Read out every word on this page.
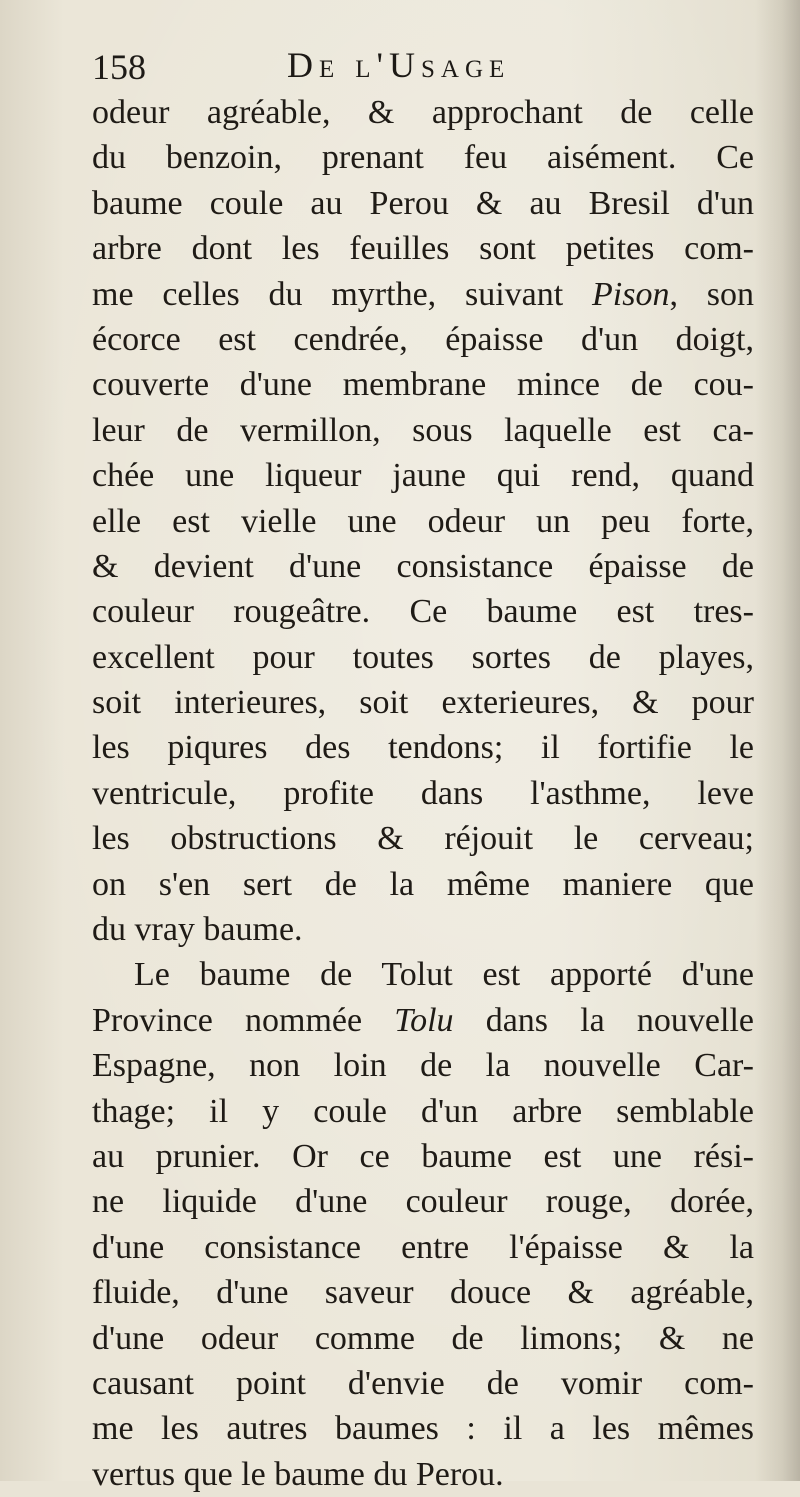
158	De l'Usage
odeur agréable, & approchant de celle
du benzoin, prenant feu aisément. Ce
baume coule au Perou & au Bresil d'un
arbre dont les feuilles sont petites com-
me celles du myrthe, suivant Pison, son
écorce est cendrée, épaisse d'un doigt,
couverte d'une membrane mince de cou-
leur de vermillon, sous laquelle est ca-
chée une liqueur jaune qui rend, quand
elle est vielle une odeur un peu forte,
& devient d'une consistance épaisse de
couleur rougeâtre. Ce baume est tres-
excellent pour toutes sortes de playes,
soit interieures, soit exterieures, & pour
les piqures des tendons; il fortifie le
ventricule, profite dans l'asthme, leve
les obstructions & réjouit le cerveau;
on s'en sert de la même maniere que
du vray baume.
Le baume de Tolut est apporté d'une
Province nommée Tolu dans la nouvelle
Espagne, non loin de la nouvelle Car-
thage; il y coule d'un arbre semblable
au prunier. Or ce baume est une rési-
ne liquide d'une couleur rouge, dorée,
d'une consistance entre l'épaisse & la
fluide, d'une saveur douce & agréable,
d'une odeur comme de limons; & ne
causant point d'envie de vomir com-
me les autres baumes : il a les mêmes
vertus que le baume du Perou.
